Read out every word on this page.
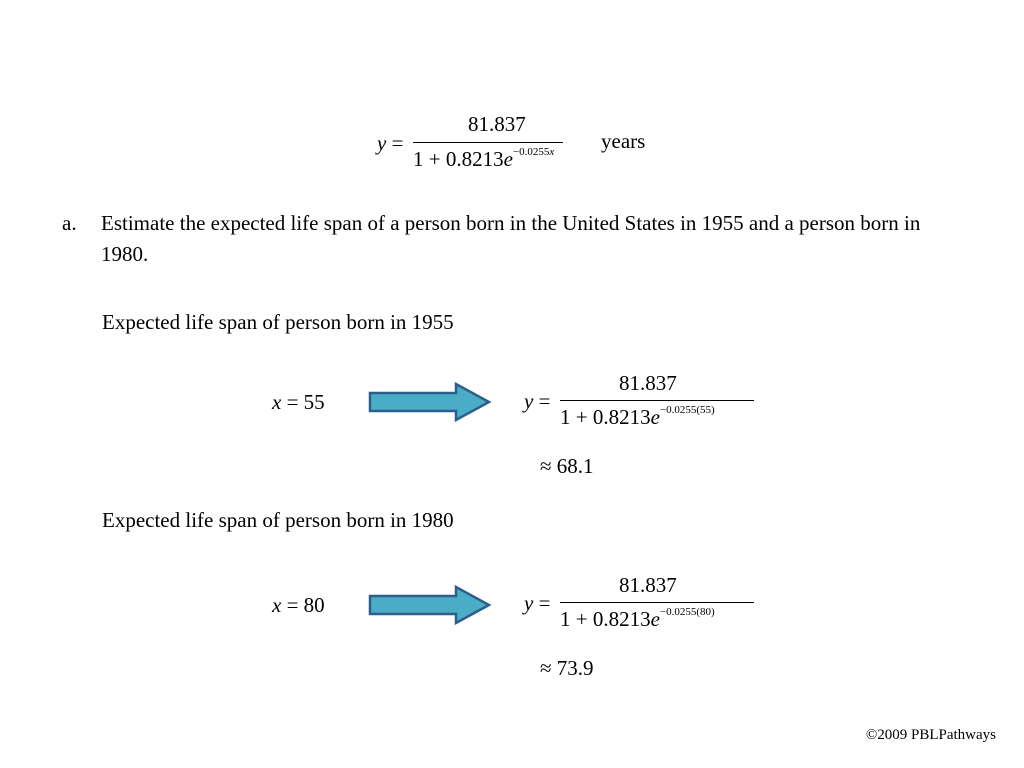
y =
81.837
$1 + 0.8213e^{-0.0255x}$ years
a. Estimate the expected life span of a person born in the United States in 1955 and a person born in 1980.
Expected life span of person born in 1955
x = 55	y =
81.837
$1 + 0.8213e^{-0.0255(55)}$
≈ 68.1
Expected life span of person born in 1980
x = 80	y =
81.837
$1 + 0.8213e^{-0.0255(80)}$
≈ 73.9
©2009 PBLPathways
